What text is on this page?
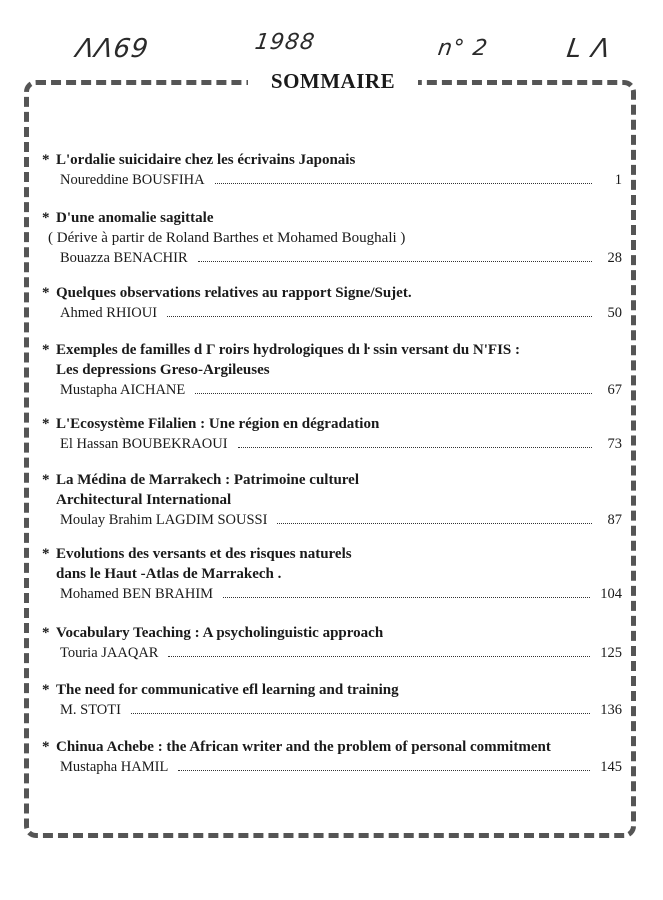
ΛΛ69	1988	n° 2	L Λ
SOMMAIRE
* L'ordalie suicidaire chez les écrivains Japonais
Noureddine BOUSFIHA	1
* D'une anomalie sagittale
( Dérive à partir de Roland Barthes et Mohamed Boughali )
Bouazza BENACHIR	28
* Quelques observations relatives au rapport Signe/Sujet.
Ahmed RHIOUI	50
* Exemples de familles d Γ roirs hydrologiques dı ŀ ssin versant du N'FIS :
Les depressions Greso-Argileuses
Mustapha AICHANE	67
* L'Ecosystème Filalien : Une région en dégradation
El Hassan BOUBEKRAOUI	73
* La Médina de Marrakech : Patrimoine culturel
Architectural International
Moulay Brahim LAGDIM SOUSSI	87
* Evolutions des versants et des risques naturels
dans le Haut -Atlas de Marrakech .
Mohamed BEN BRAHIM	104
* Vocabulary Teaching : A psycholinguistic approach
Touria JAAQAR	125
* The need for communicative efl learning and training
M. STOTI	136
* Chinua Achebe : the African writer and the problem of personal commitment
Mustapha HAMIL	145
